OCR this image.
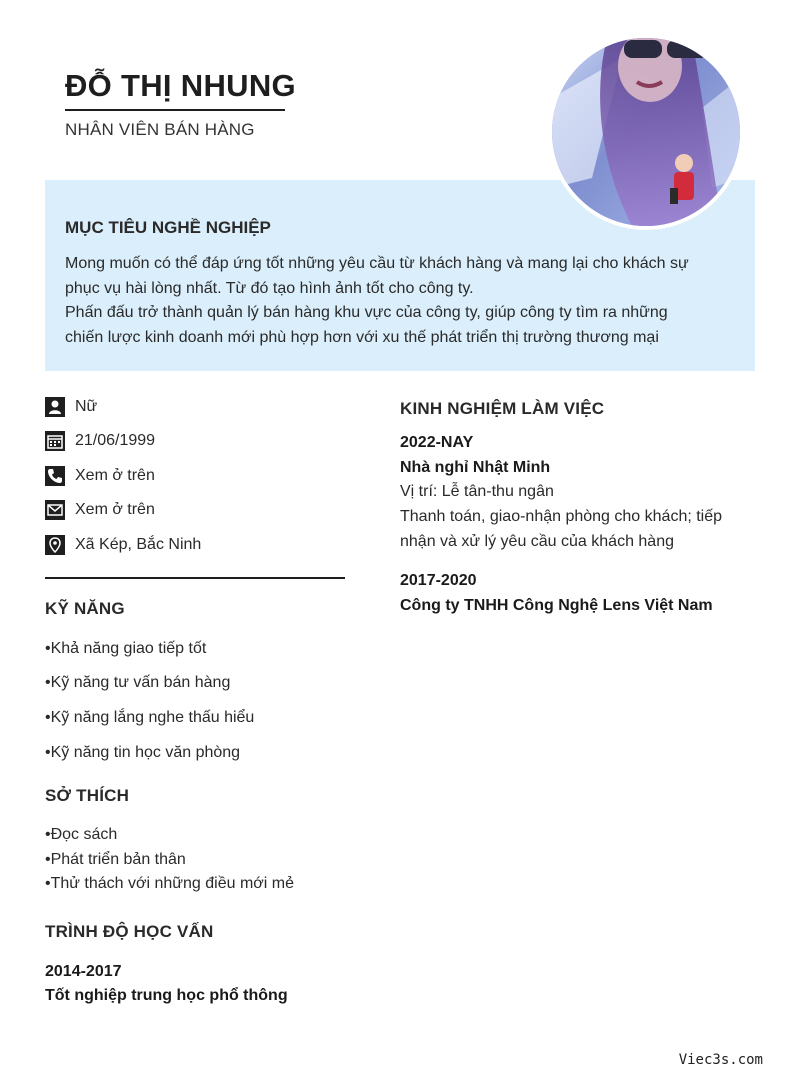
ĐỖ THỊ NHUNG
NHÂN VIÊN BÁN HÀNG
MỤC TIÊU NGHỀ NGHIỆP
Mong muốn có thể đáp ứng tốt những yêu cầu từ khách hàng và mang lại cho khách sự
phục vụ hài lòng nhất. Từ đó tạo hình ảnh tốt cho công ty.
Phấn đấu trở thành quản lý bán hàng khu vực của công ty, giúp công ty tìm ra những
chiến lược kinh doanh mới phù hợp hơn với xu thế phát triển thị trường thương mại
Nữ
21/06/1999
Xem ở trên
Xem ở trên
Xã Kép, Bắc Ninh
KỸ NĂNG
•Khả năng giao tiếp tốt
•Kỹ năng tư vấn bán hàng
•Kỹ năng lắng nghe thấu hiểu
•Kỹ năng tin học văn phòng
SỞ THÍCH
•Đọc sách
•Phát triển bản thân
•Thử thách với những điều mới mẻ
TRÌNH ĐỘ HỌC VẤN
2014-2017
Tốt nghiệp trung học phổ thông
KINH NGHIỆM LÀM VIỆC
2022-NAY
Nhà nghỉ Nhật Minh
Vị trí: Lễ tân-thu ngân
Thanh toán, giao-nhận phòng cho khách; tiếp
nhận và xử lý yêu cầu của khách hàng
2017-2020
Công ty TNHH Công Nghệ Lens Việt Nam
Viec3s.com
